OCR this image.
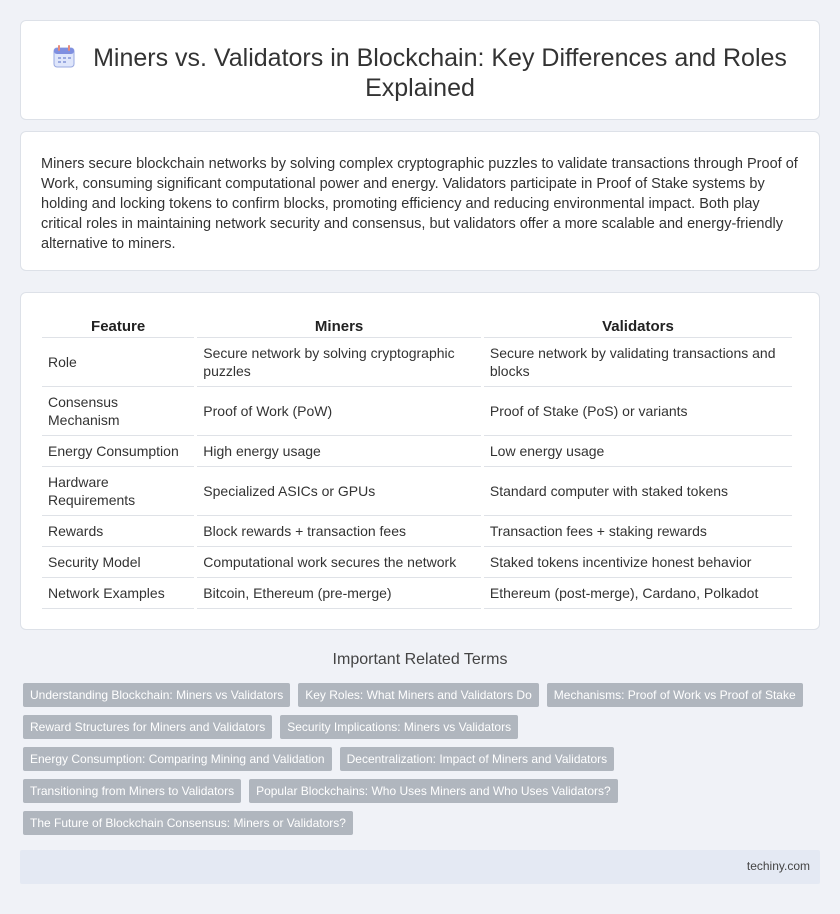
Miners vs. Validators in Blockchain: Key Differences and Roles Explained

Miners secure blockchain networks by solving complex cryptographic puzzles to validate transactions through Proof of Work, consuming significant computational power and energy. Validators participate in Proof of Stake systems by holding and locking tokens to confirm blocks, promoting efficiency and reducing environmental impact. Both play critical roles in maintaining network security and consensus, but validators offer a more scalable and energy-friendly alternative to miners.

Feature	Miners	Validators
Role	Secure network by solving cryptographic puzzles	Secure network by validating transactions and blocks
Consensus Mechanism	Proof of Work (PoW)	Proof of Stake (PoS) or variants
Energy Consumption	High energy usage	Low energy usage
Hardware Requirements	Specialized ASICs or GPUs	Standard computer with staked tokens
Rewards	Block rewards + transaction fees	Transaction fees + staking rewards
Security Model	Computational work secures the network	Staked tokens incentivize honest behavior
Network Examples	Bitcoin, Ethereum (pre-merge)	Ethereum (post-merge), Cardano, Polkadot
Important Related Terms
Understanding Blockchain: Miners vs Validators	Key Roles: What Miners and Validators Do	Mechanisms: Proof of Work vs Proof of Stake
Reward Structures for Miners and Validators	Security Implications: Miners vs Validators
Energy Consumption: Comparing Mining and Validation	Decentralization: Impact of Miners and Validators
Transitioning from Miners to Validators	Popular Blockchains: Who Uses Miners and Who Uses Validators?
The Future of Blockchain Consensus: Miners or Validators?
techiny.com
